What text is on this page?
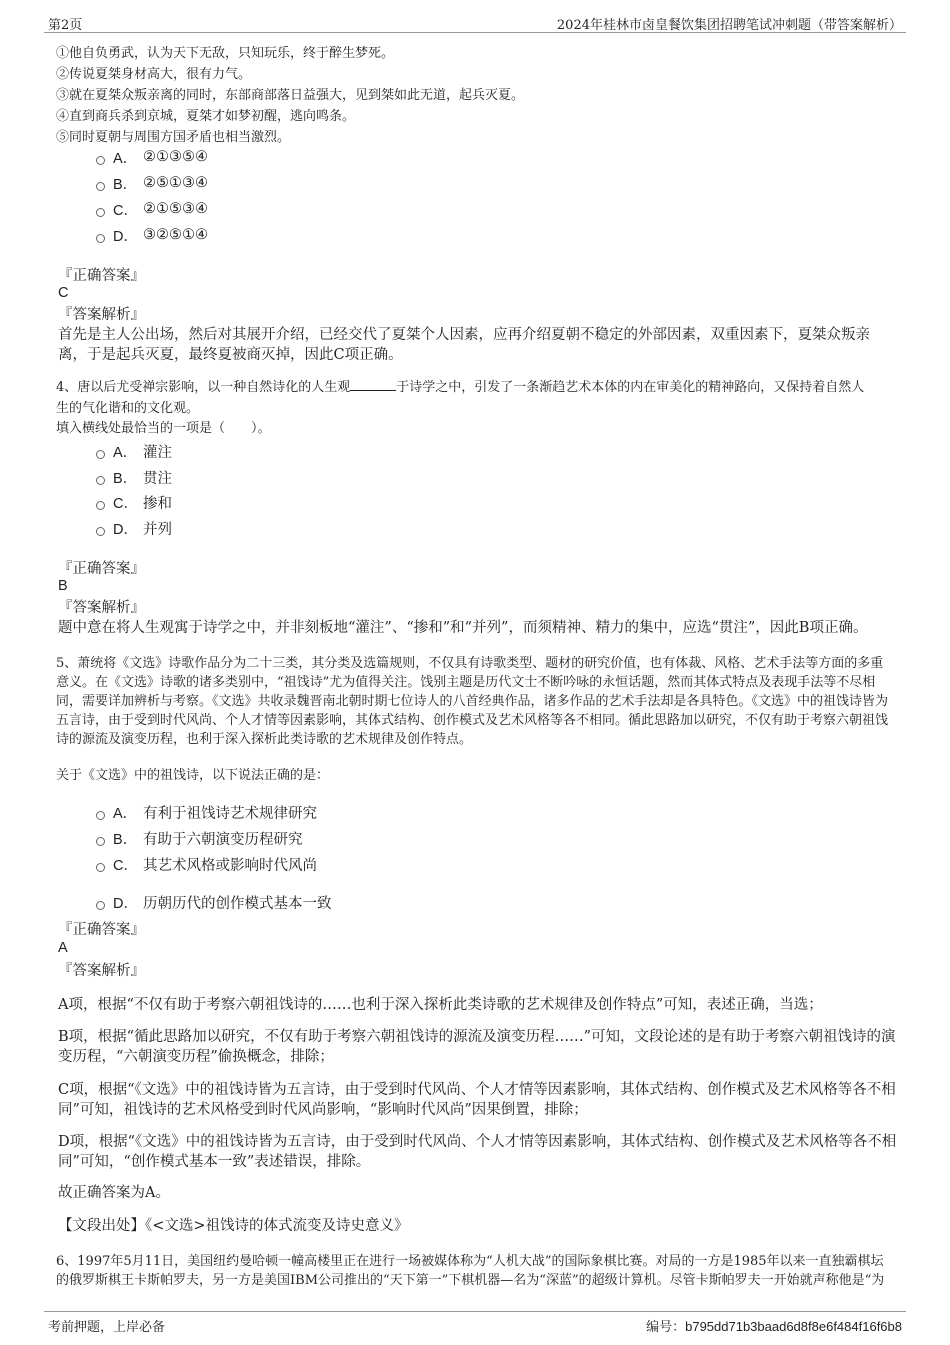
第2页	2024年桂林市卤皇餐饮集团招聘笔试冲刺题（带答案解析）
①他自负勇武，认为天下无敌，只知玩乐，终于醉生梦死。
②传说夏桀身材高大，很有力气。
③就在夏桀众叛亲离的同时，东部商部落日益强大，见到桀如此无道，起兵灭夏。
④直到商兵杀到京城，夏桀才如梦初醒，逃向鸣条。
⑤同时夏朝与周围方国矛盾也相当激烈。
A． ②①③⑤④
B． ②⑤①③④
C． ②①⑤③④
D． ③②⑤①④
『正确答案』
C
『答案解析』
首先是主人公出场，然后对其展开介绍，已经交代了夏桀个人因素，应再介绍夏朝不稳定的外部因素，双重因素下，夏桀众叛亲离，于是起兵灭夏，最终夏被商灭掉，因此C项正确。
4、唐以后尤受禅宗影响，以一种自然诗化的人生观	于诗学之中，引发了一条渐趋艺术本体的内在审美化的精神路向，又保持着自然人
生的气化谐和的文化观。
填入横线处最恰当的一项是（　　）。
A． 灌注
B． 贯注
C． 掺和
D． 并列
『正确答案』
B
『答案解析』
题中意在将人生观寓于诗学之中，并非刻板地“灌注”、“掺和”和“并列”，而须精神、精力的集中，应选“贯注”，因此B项正确。
5、萧统将《文选》诗歌作品分为二十三类，其分类及选篇规则，不仅具有诗歌类型、题材的研究价值，也有体裁、风格、艺术手法等方面的多重意义。在《文选》诗歌的诸多类别中，“祖饯诗”尤为值得关注。饯别主题是历代文士不断吟咏的永恒话题，然而其体式特点及表现手法等不尽相同，需要详加辨析与考察。《文选》共收录魏晋南北朝时期七位诗人的八首经典作品，诸多作品的艺术手法却是各具特色。《文选》中的祖饯诗皆为五言诗，由于受到时代风尚、个人才情等因素影响，其体式结构、创作模式及艺术风格等各不相同。循此思路加以研究，不仅有助于考察六朝祖饯诗的源流及演变历程，也利于深入探析此类诗歌的艺术规律及创作特点。
关于《文选》中的祖饯诗，以下说法正确的是：
A． 有利于祖饯诗艺术规律研究
B． 有助于六朝演变历程研究
C． 其艺术风格或影响时代风尚
D． 历朝历代的创作模式基本一致
『正确答案』
A
『答案解析』
A项，根据“不仅有助于考察六朝祖饯诗的……也利于深入探析此类诗歌的艺术规律及创作特点”可知，表述正确，当选；
B项，根据“循此思路加以研究，不仅有助于考察六朝祖饯诗的源流及演变历程……”可知，文段论述的是有助于考察六朝祖饯诗的演变历程，“六朝演变历程”偷换概念，排除；
C项，根据“《文选》中的祖饯诗皆为五言诗，由于受到时代风尚、个人才情等因素影响，其体式结构、创作模式及艺术风格等各不相同”可知，祖饯诗的艺术风格受到时代风尚影响，“影响时代风尚”因果倒置，排除；
D项，根据“《文选》中的祖饯诗皆为五言诗，由于受到时代风尚、个人才情等因素影响，其体式结构、创作模式及艺术风格等各不相同”可知，“创作模式基本一致”表述错误，排除。
故正确答案为A。
【文段出处】《<文选>祖饯诗的体式流变及诗史意义》
6、1997年5月11日，美国纽约曼哈顿一幢高楼里正在进行一场被媒体称为“人机大战”的国际象棋比赛。对局的一方是1985年以来一直独霸棋坛的俄罗斯棋王卡斯帕罗夫，另一方是美国IBM公司推出的“天下第一”下棋机器—名为“深蓝”的超级计算机。尽管卡斯帕罗夫一开始就声称他是“为
考前押题，上岸必备	编号：b795dd71b3baad6d8f8e6f484f16f6b8
